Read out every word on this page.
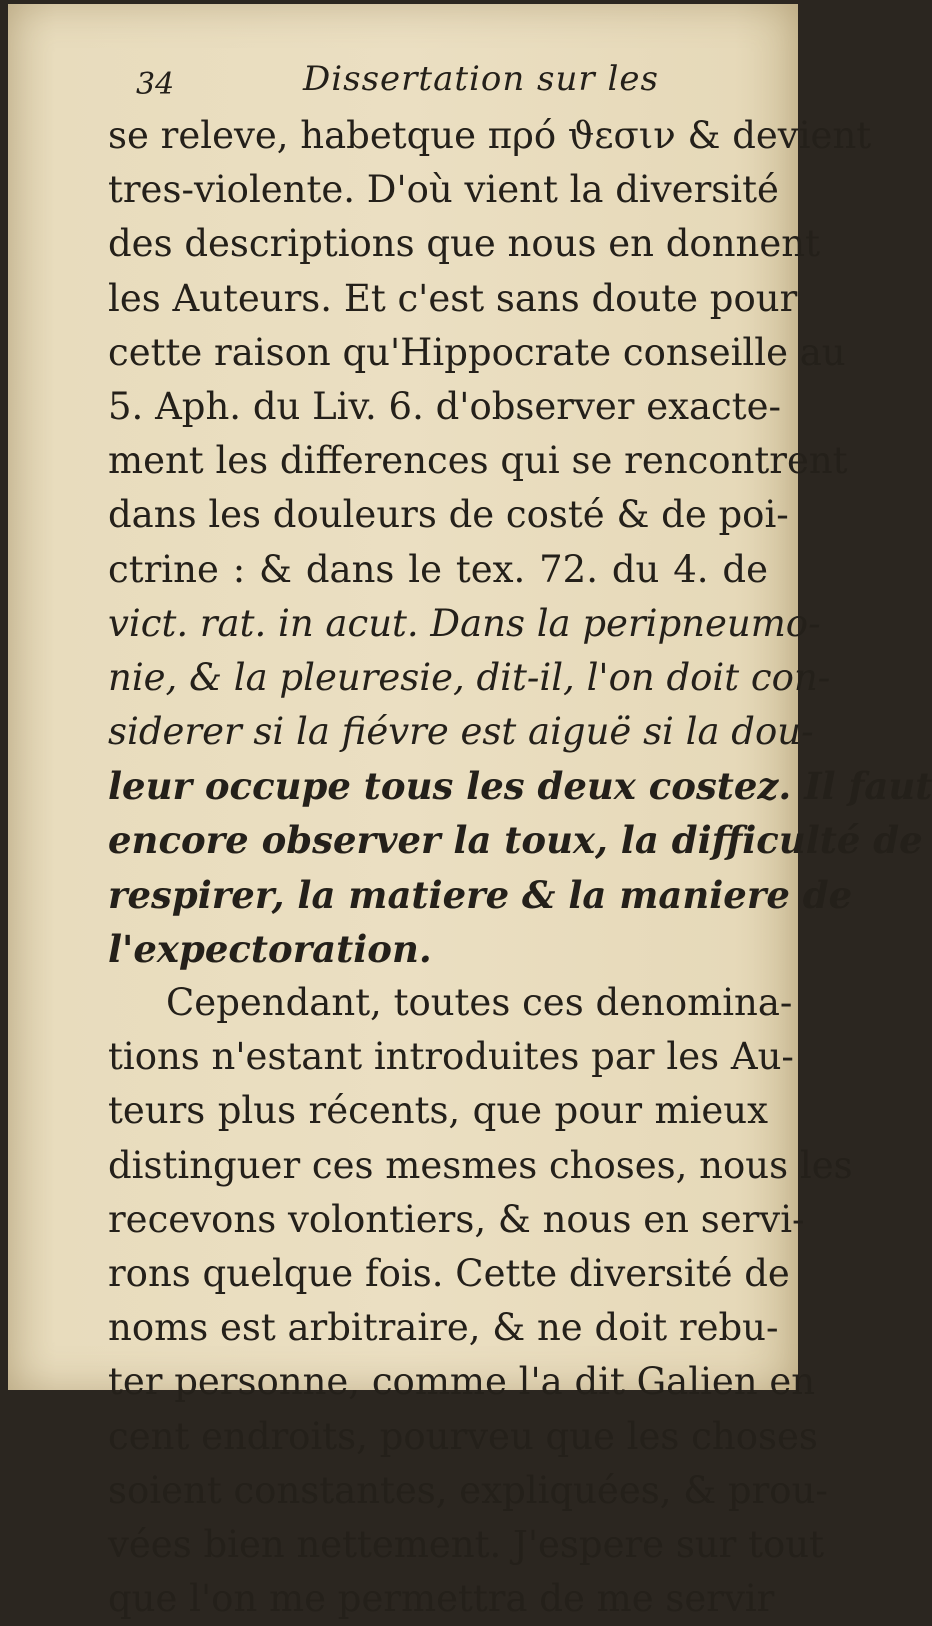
34	Dissertation sur les
se releve, habetque πρό ϑεσιν & devient
tres-violente. D'où vient la diversité
des descriptions que nous en donnent
les Auteurs. Et c'est sans doute pour
cette raison qu'Hippocrate conseille au
5. Aph. du Liv. 6. d'observer exacte-
ment les differences qui se rencontrent
dans les douleurs de costé & de poi-
ctrine : & dans le tex. 72. du 4. de
vict. rat. in acut. Dans la peripneumo-
nie, & la pleuresie, dit-il, l'on doit con-
siderer si la fiévre est aiguë si la dou-
leur occupe tous les deux costez. Il faut
encore observer la toux, la difficulté de
respirer, la matiere & la maniere de
l'expectoration.
Cependant, toutes ces denomina-
tions n'estant introduites par les Au-
teurs plus récents, que pour mieux
distinguer ces mesmes choses, nous les
recevons volontiers, & nous en servi-
rons quelque fois. Cette diversité de
noms est arbitraire, & ne doit rebu-
ter personne, comme l'a dit Galien en
cent endroits, pourveu que les choses
soient constantes, expliquées, & prou-
vées bien nettement. J'espere sur tout
que l'on me permettra de me servir
